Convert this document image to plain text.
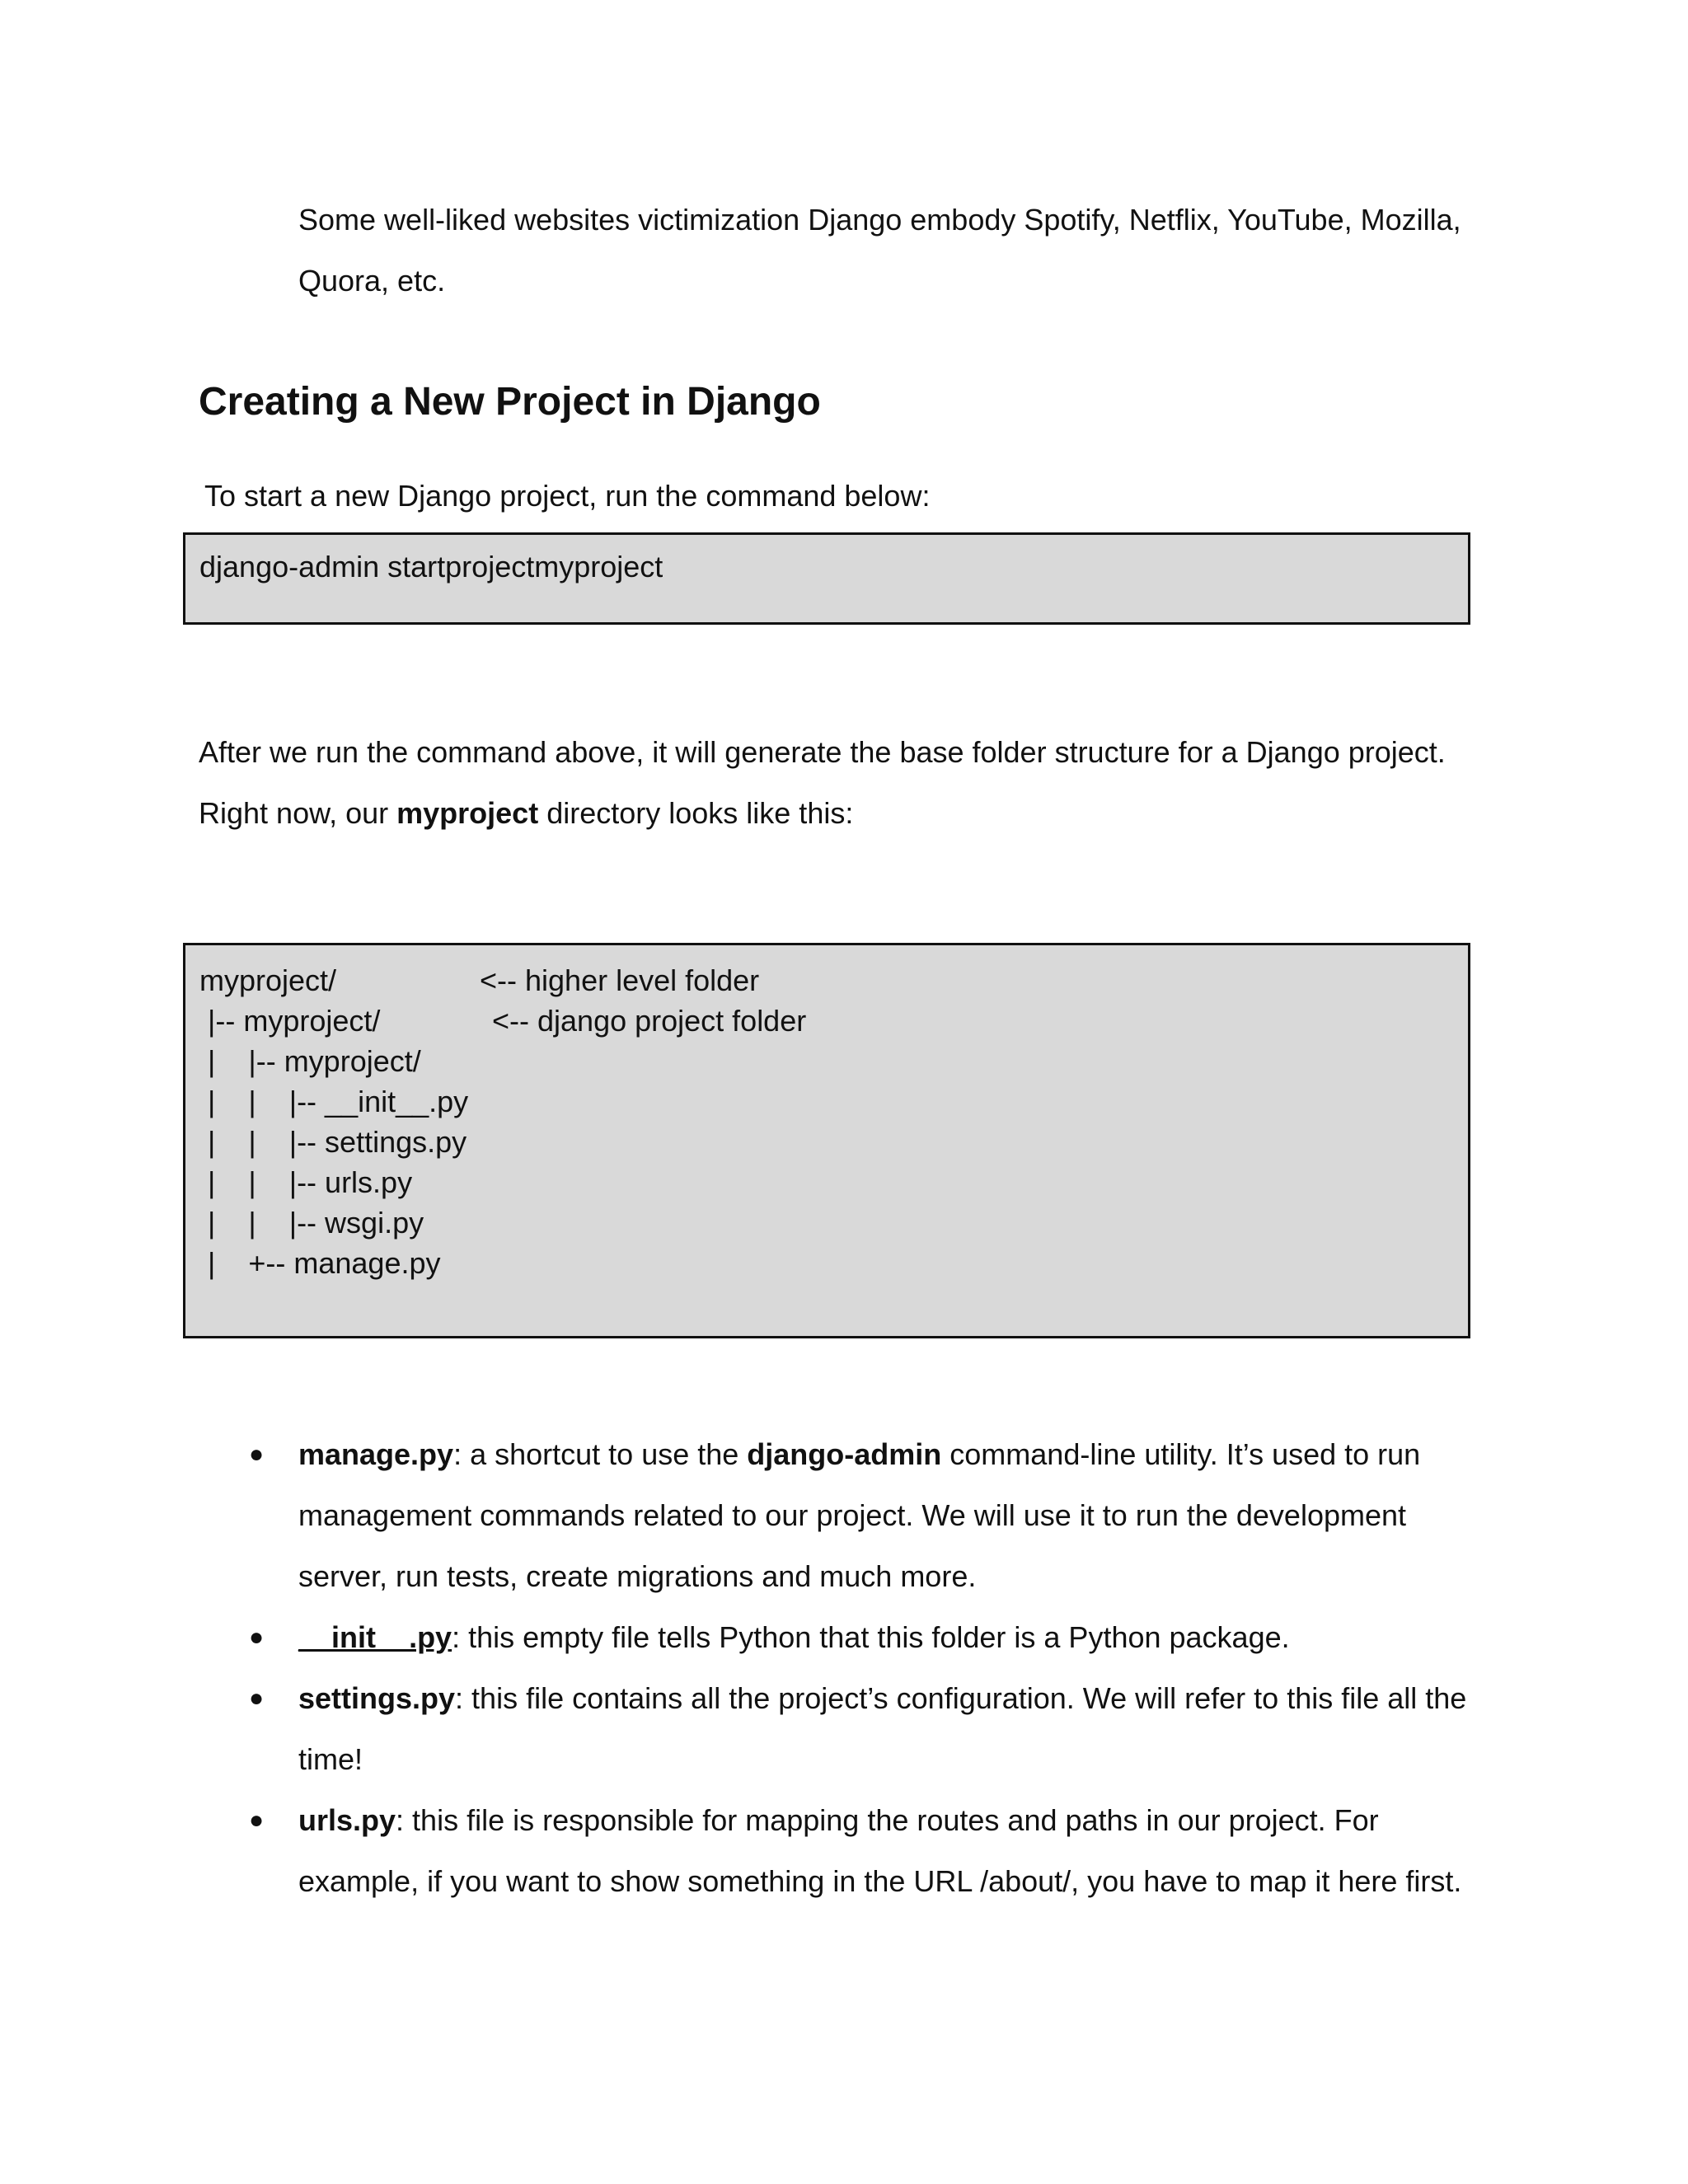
Some well-liked websites victimization Django embody Spotify, Netflix, YouTube, Mozilla, Quora, etc.
Creating a New Project in Django
To start a new Django project, run the command below:
django-admin startprojectmyproject

After we run the command above, it will generate the base folder structure for a Django project.

Right now, our myproject directory looks like this:

myproject/	<-- higher level folder
|-- myproject/	<-- django project folder
|    |-- myproject/
|    |    |-- __init__.py
|    |    |-- settings.py
|    |    |-- urls.py
|    |    |-- wsgi.py
|    +-- manage.py
● manage.py: a shortcut to use the django-admin command-line utility. It’s used to run management commands related to our project. We will use it to run the development server, run tests, create migrations and much more.
● __init__.py: this empty file tells Python that this folder is a Python package.
● settings.py: this file contains all the project’s configuration. We will refer to this file all the time!
● urls.py: this file is responsible for mapping the routes and paths in our project. For example, if you want to show something in the URL /about/, you have to map it here first.
